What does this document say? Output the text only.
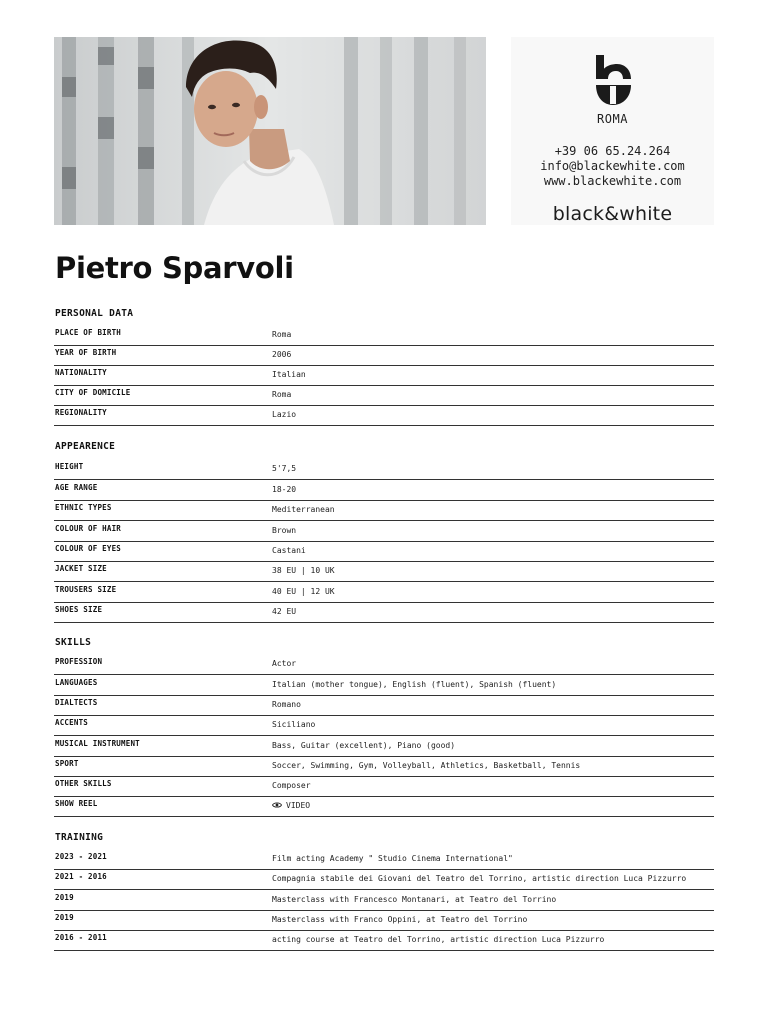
ROMA
+39 06 65.24.264
info@blackewhite.com
www.blackewhite.com
black&white
Pietro Sparvoli
PERSONAL DATA
PLACE OF BIRTH	Roma
YEAR OF BIRTH	2006
NATIONALITY	Italian
CITY OF DOMICILE	Roma
REGIONALITY	Lazio
APPEARENCE
HEIGHT	5'7,5
AGE RANGE	18-20
ETHNIC TYPES	Mediterranean
COLOUR OF HAIR	Brown
COLOUR OF EYES	Castani
JACKET SIZE	38 EU | 10 UK
TROUSERS SIZE	40 EU | 12 UK
SHOES SIZE	42 EU
SKILLS
PROFESSION	Actor
LANGUAGES	Italian (mother tongue), English (fluent), Spanish (fluent)
DIALTECTS	Romano
ACCENTS	Siciliano
MUSICAL INSTRUMENT	Bass, Guitar (excellent), Piano (good)
SPORT	Soccer, Swimming, Gym, Volleyball, Athletics, Basketball, Tennis
OTHER SKILLS	Composer
SHOW REEL	VIDEO
TRAINING
2023 - 2021	Film acting Academy " Studio Cinema International"
2021 - 2016	Compagnia stabile dei Giovani del Teatro del Torrino, artistic direction Luca Pizzurro
2019	Masterclass with Francesco Montanari, at Teatro del Torrino
2019	Masterclass with Franco Oppini, at Teatro del Torrino
2016 - 2011	acting course at Teatro del Torrino, artistic direction Luca Pizzurro
